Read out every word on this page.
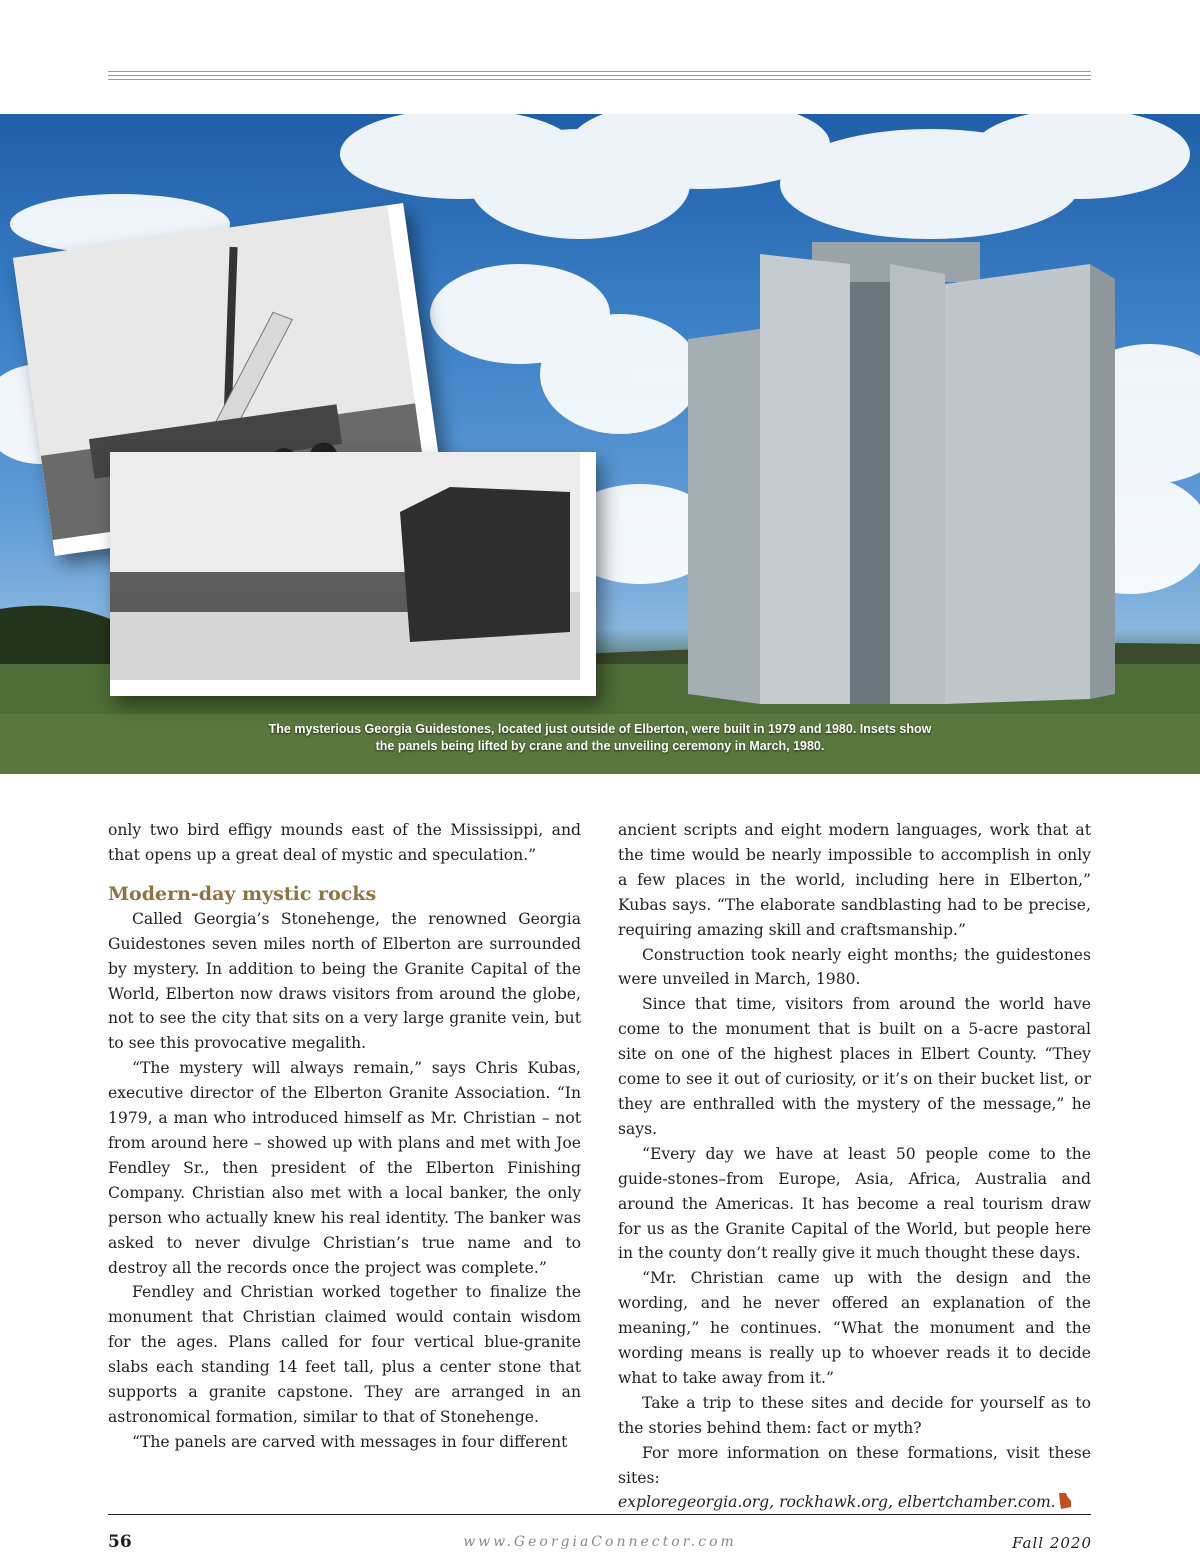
The mysterious Georgia Guidestones, located just outside of Elberton, were built in 1979 and 1980. Insets show
the panels being lifted by crane and the unveiling ceremony in March, 1980.

only two bird effigy mounds east of the Mississippi, and that opens up a great deal of mystic and speculation.”

Modern-day mystic rocks

Called Georgia’s Stonehenge, the renowned Georgia Guidestones seven miles north of Elberton are surrounded by mystery. In addition to being the Granite Capital of the World, Elberton now draws visitors from around the globe, not to see the city that sits on a very large granite vein, but to see this provocative megalith.

“The mystery will always remain,” says Chris Kubas, executive director of the Elberton Granite Association. “In 1979, a man who introduced himself as Mr. Christian – not from around here – showed up with plans and met with Joe Fendley Sr., then president of the Elberton Finishing Company. Christian also met with a local banker, the only person who actually knew his real identity. The banker was asked to never divulge Christian’s true name and to destroy all the records once the project was complete.”

Fendley and Christian worked together to finalize the monument that Christian claimed would contain wisdom for the ages. Plans called for four vertical blue-granite slabs each standing 14 feet tall, plus a center stone that supports a granite capstone. They are arranged in an astronomical formation, similar to that of Stonehenge.

“The panels are carved with messages in four different

ancient scripts and eight modern languages, work that at the time would be nearly impossible to accomplish in only a few places in the world, including here in Elberton,” Kubas says. “The elaborate sandblasting had to be precise, requiring amazing skill and craftsmanship.”

Construction took nearly eight months; the guidestones were unveiled in March, 1980.

Since that time, visitors from around the world have come to the monument that is built on a 5-acre pastoral site on one of the highest places in Elbert County. “They come to see it out of curiosity, or it’s on their bucket list, or they are enthralled with the mystery of the message,” he says.

“Every day we have at least 50 people come to the guide-stones–from Europe, Asia, Africa, Australia and around the Americas. It has become a real tourism draw for us as the Granite Capital of the World, but people here in the county don’t really give it much thought these days.

“Mr. Christian came up with the design and the wording, and he never offered an explanation of the meaning,” he continues. “What the monument and the wording means is really up to whoever reads it to decide what to take away from it.”

Take a trip to these sites and decide for yourself as to the stories behind them: fact or myth?

For more information on these formations, visit these sites:

exploregeorgia.org, rockhawk.org, elbertchamber.com.

56	www.GeorgiaConnector.com	Fall 2020
